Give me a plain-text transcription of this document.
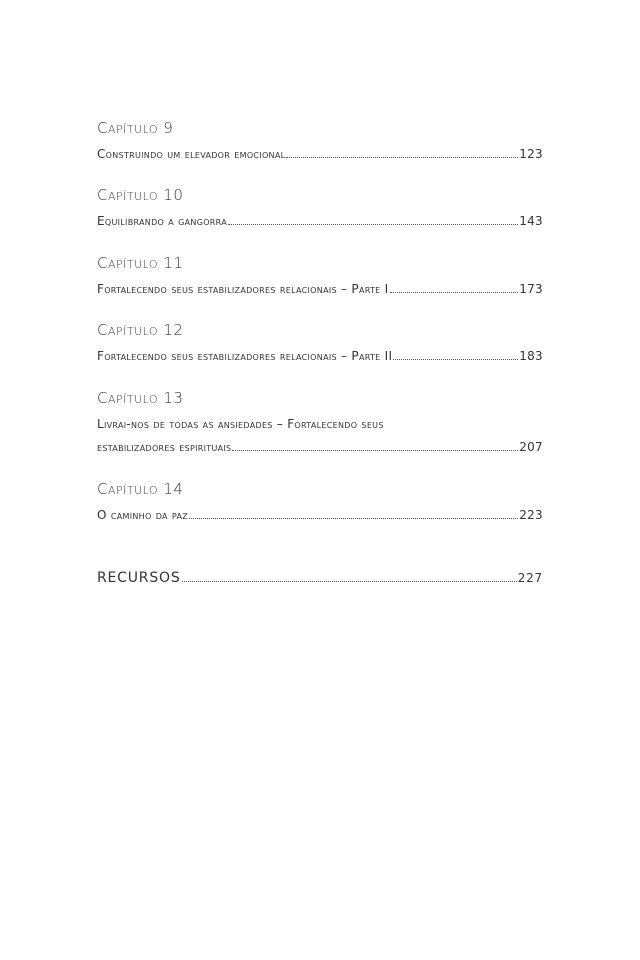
Capítulo 9
Construindo um elevador emocional	123
Capítulo 10
Equilibrando a gangorra	143
Capítulo 11
Fortalecendo seus estabilizadores relacionais – Parte I	173
Capítulo 12
Fortalecendo seus estabilizadores relacionais – Parte II	183
Capítulo 13
Livrai-nos de todas as ansiedades – Fortalecendo seus
estabilizadores espirituais	207
Capítulo 14
O caminho da paz	223
RECURSOS	227
